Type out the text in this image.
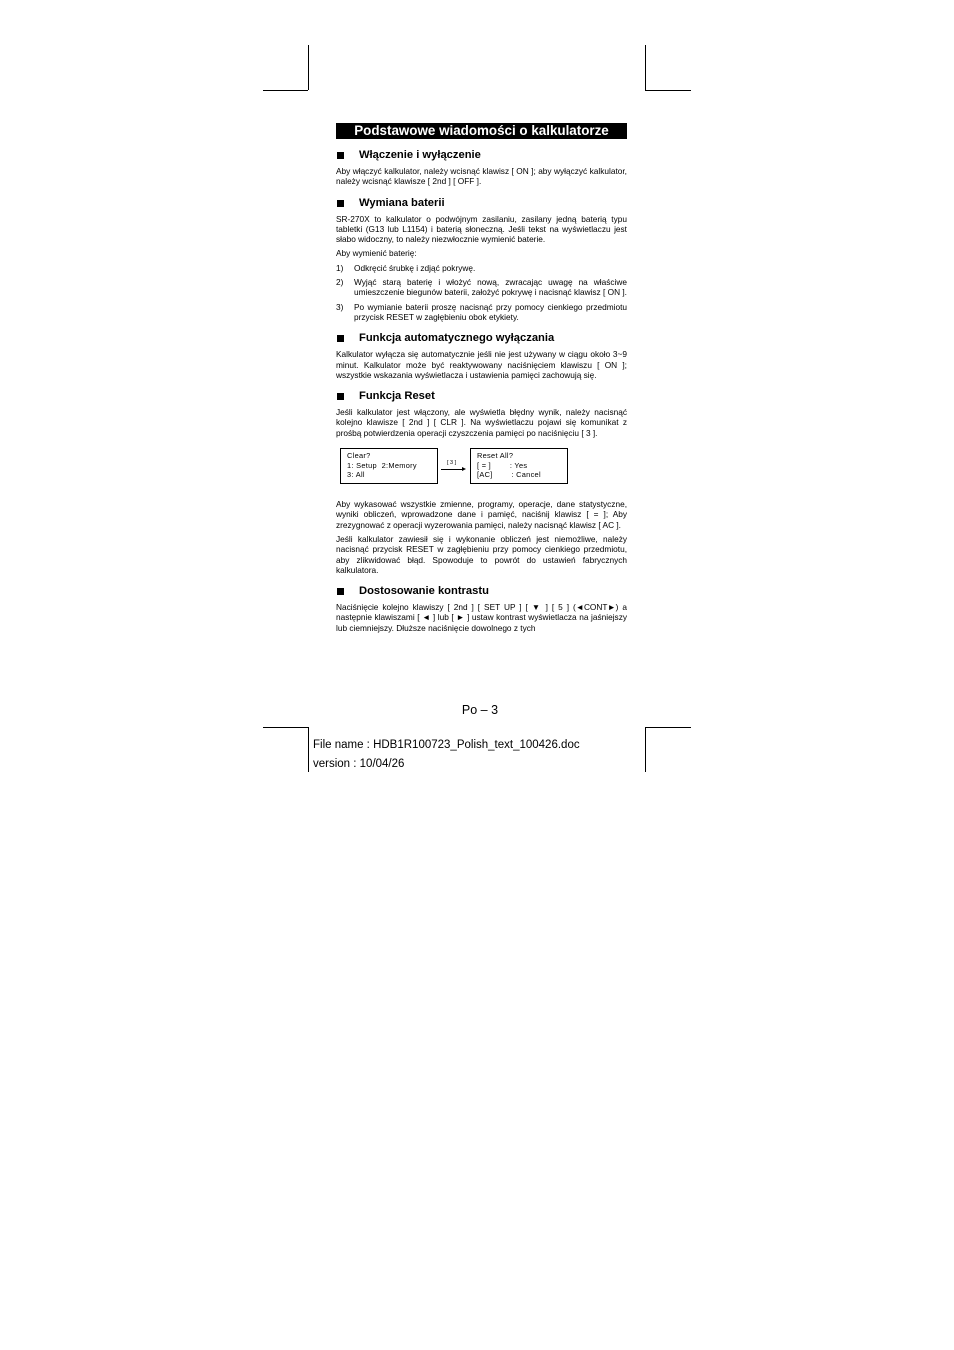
Podstawowe wiadomości o kalkulatorze
Włączenie i wyłączenie

Aby włączyć kalkulator, należy wcisnąć klawisz [ ON ]; aby wyłączyć kalkulator, należy wcisnąć klawisze [ 2nd ] [ OFF ].

Wymiana baterii

SR-270X to kalkulator o podwójnym zasilaniu, zasilany jedną baterią typu tabletki (G13 lub L1154) i baterią słoneczną. Jeśli tekst na wyświetlaczu jest słabo widoczny, to należy niezwłocznie wymienić baterie.

Aby wymienić baterię:

1)	Odkręcić śrubkę i zdjąć pokrywę.
2)	Wyjąć starą baterię i włożyć nową, zwracając uwagę na właściwe umieszczenie biegunów baterii, założyć pokrywę i nacisnąć klawisz [ ON ].
3)	Po wymianie baterii proszę nacisnąć przy pomocy cienkiego przedmiotu przycisk RESET w zagłębieniu obok etykiety.
Funkcja automatycznego wyłączania

Kalkulator wyłącza się automatycznie jeśli nie jest używany w ciągu około 3~9 minut. Kalkulator może być reaktywowany naciśnięciem klawiszu [ ON ]; wszystkie wskazania wyświetlacza i ustawienia pamięci zachowują się.

Funkcja Reset

Jeśli kalkulator jest włączony, ale wyświetla błędny wynik, należy nacisnąć kolejno klawisze [ 2nd ] [ CLR ]. Na wyświetlaczu pojawi się komunikat z prośbą potwierdzenia operacji czyszczenia pamięci po naciśnięciu [ 3 ].

Clear?
1: Setup  2:Memory
3: All
[ 3 ]
Reset All?
[ = ]        : Yes
[AC]        : Cancel

Aby wykasować wszystkie zmienne, programy, operacje, dane statystyczne, wyniki obliczeń, wprowadzone dane i pamięć, naciśnij klawisz [ = ]; Aby zrezygnować z operacji wyzerowania pamięci, należy nacisnąć klawisz [ AC ].

Jeśli kalkulator zawiesił się i wykonanie obliczeń jest niemożliwe, należy nacisnąć przycisk RESET w zagłębieniu przy pomocy cienkiego przedmiotu, aby zlikwidować błąd. Spowoduje to powrót do ustawień fabrycznych kalkulatora.

Dostosowanie kontrastu

Naciśnięcie kolejno klawiszy [ 2nd ] [ SET UP ] [ ▼ ] [ 5 ] (◄CONT►) a następnie klawiszami [ ◄ ] lub [ ► ] ustaw kontrast wyświetlacza na jaśniejszy lub ciemniejszy. Dłuższe naciśnięcie dowolnego z tych

Po – 3
File name : HDB1R100723_Polish_text_100426.doc
version : 10/04/26
